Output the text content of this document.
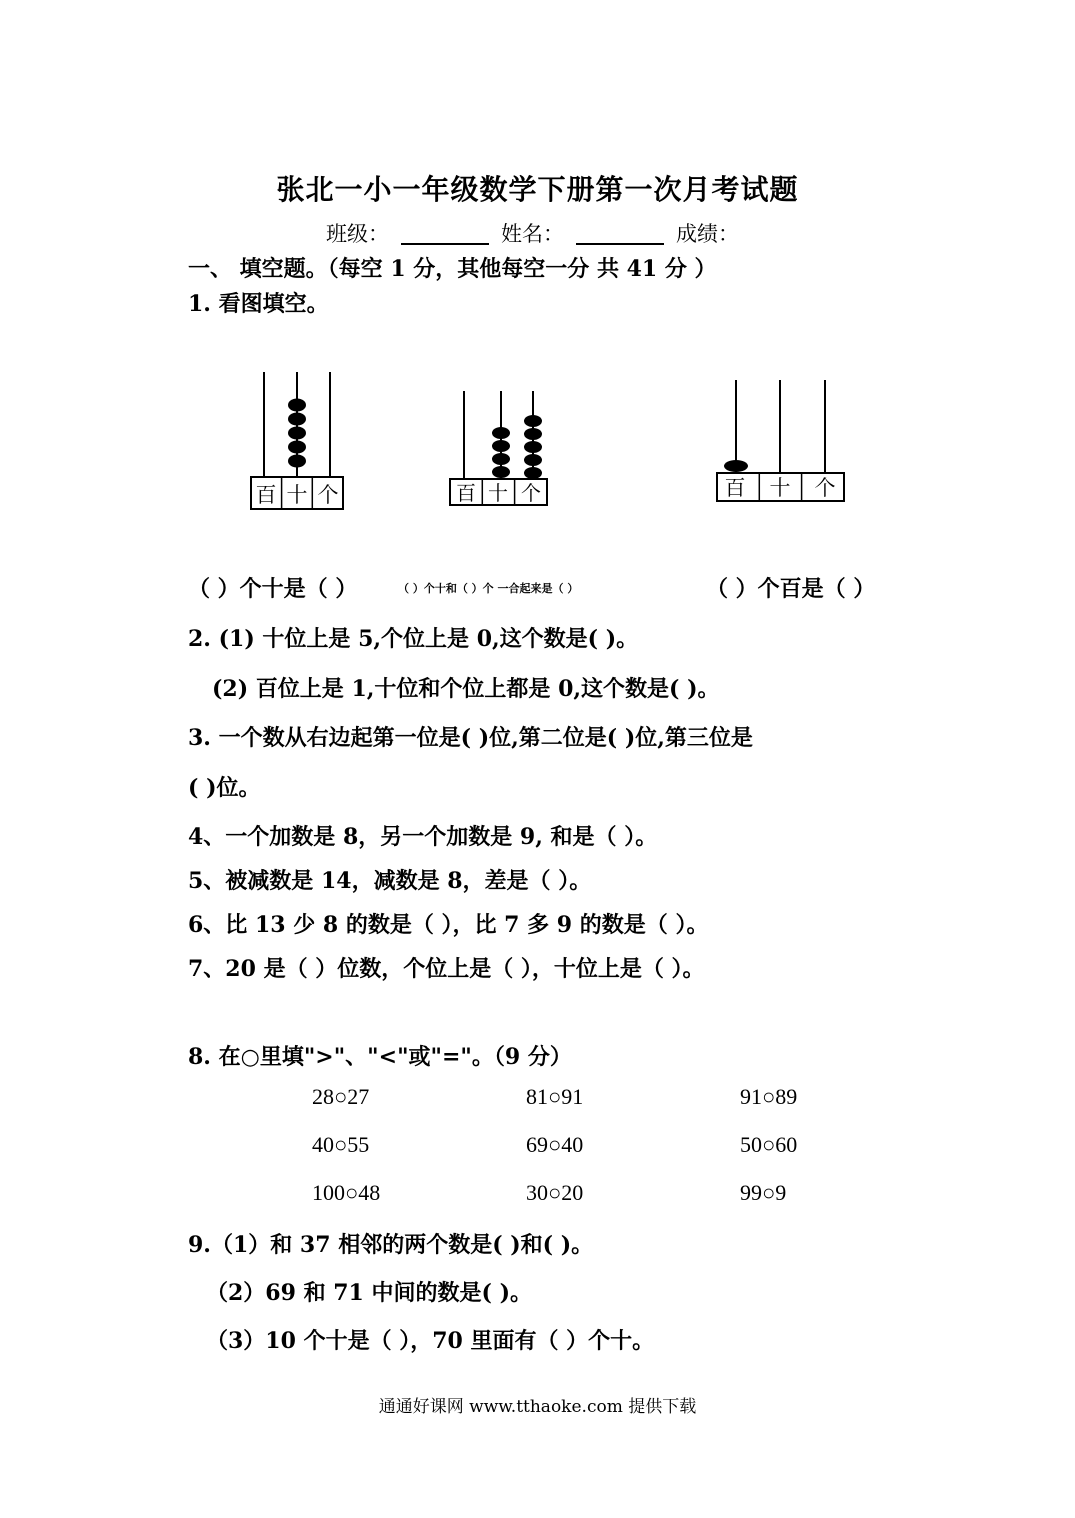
张北一小一年级数学下册第一次月考试题
班级：	姓名：	成绩：
一、 填空题。（每空 1 分，其他每空一分 共 41 分 ）
1. 看图填空。
百 十 个	百 十 个	百 十 个
（ ）个十是（ ）	（ ）个十和（ ）个 一合起来是（ ）	（ ）个百是（ ）
2. (1) 十位上是 5,个位上是 0,这个数是( )。
(2) 百位上是 1,十位和个位上都是 0,这个数是( )。
3. 一个数从右边起第一位是( )位,第二位是( )位,第三位是
( )位。
4、一个加数是 8，另一个加数是 9, 和是（ ）。
5、被减数是 14，减数是 8，差是（ ）。
6、比 13 少 8 的数是（ ），比 7 多 9 的数是（ ）。
7、20 是（ ）位数，个位上是（ ），十位上是（ ）。
8. 在○里填">"、"<"或"="。（9 分）
28○27	81○91	91○89
40○55	69○40	50○60
100○48	30○20	99○9
9.（1）和 37 相邻的两个数是( )和( )。
（2）69 和 71 中间的数是( )。
（3）10 个十是（ ），70 里面有（ ）个十。
通通好课网 www.tthaoke.com 提供下载
